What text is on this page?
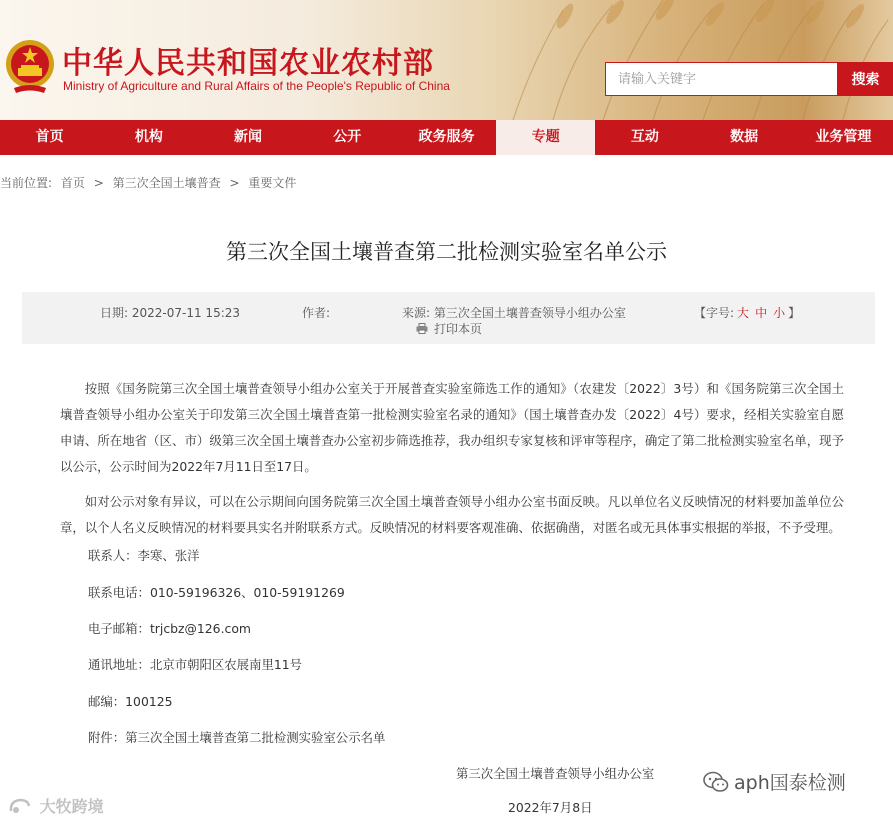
中华人民共和国农业农村部
Ministry of Agriculture and Rural Affairs of the People's Republic of China
请输入关键字	搜索
首页	机构	新闻	公开	政务服务	专题	互动	数据	业务管理
当前位置: 首页 > 第三次全国土壤普查 > 重要文件
第三次全国土壤普查第二批检测实验室名单公示
日期: 2022-07-11 15:23	作者:	来源: 第三次全国土壤普查领导小组办公室	【字号: 大 中 小 】
打印本页

按照《国务院第三次全国土壤普查领导小组办公室关于开展普查实验室筛选工作的通知》（农建发〔2022〕3号）和《国务院第三次全国土壤普查领导小组办公室关于印发第三次全国土壤普查第一批检测实验室名录的通知》（国土壤普查办发〔2022〕4号）要求，经相关实验室自愿申请、所在地省（区、市）级第三次全国土壤普查办公室初步筛选推荐，我办组织专家复核和评审等程序，确定了第二批检测实验室名单，现予以公示，公示时间为2022年7月11日至17日。

如对公示对象有异议，可以在公示期间向国务院第三次全国土壤普查领导小组办公室书面反映。凡以单位名义反映情况的材料要加盖单位公章，以个人名义反映情况的材料要具实名并附联系方式。反映情况的材料要客观准确、依据确凿，对匿名或无具体事实根据的举报，不予受理。

联系人：李寒、张洋
联系电话：010-59196326、010-59191269
电子邮箱：trjcbz@126.com
通讯地址：北京市朝阳区农展南里11号
邮编：100125
附件：第三次全国土壤普查第二批检测实验室公示名单
第三次全国土壤普查领导小组办公室
2022年7月8日
大牧跨境
aph国泰检测
